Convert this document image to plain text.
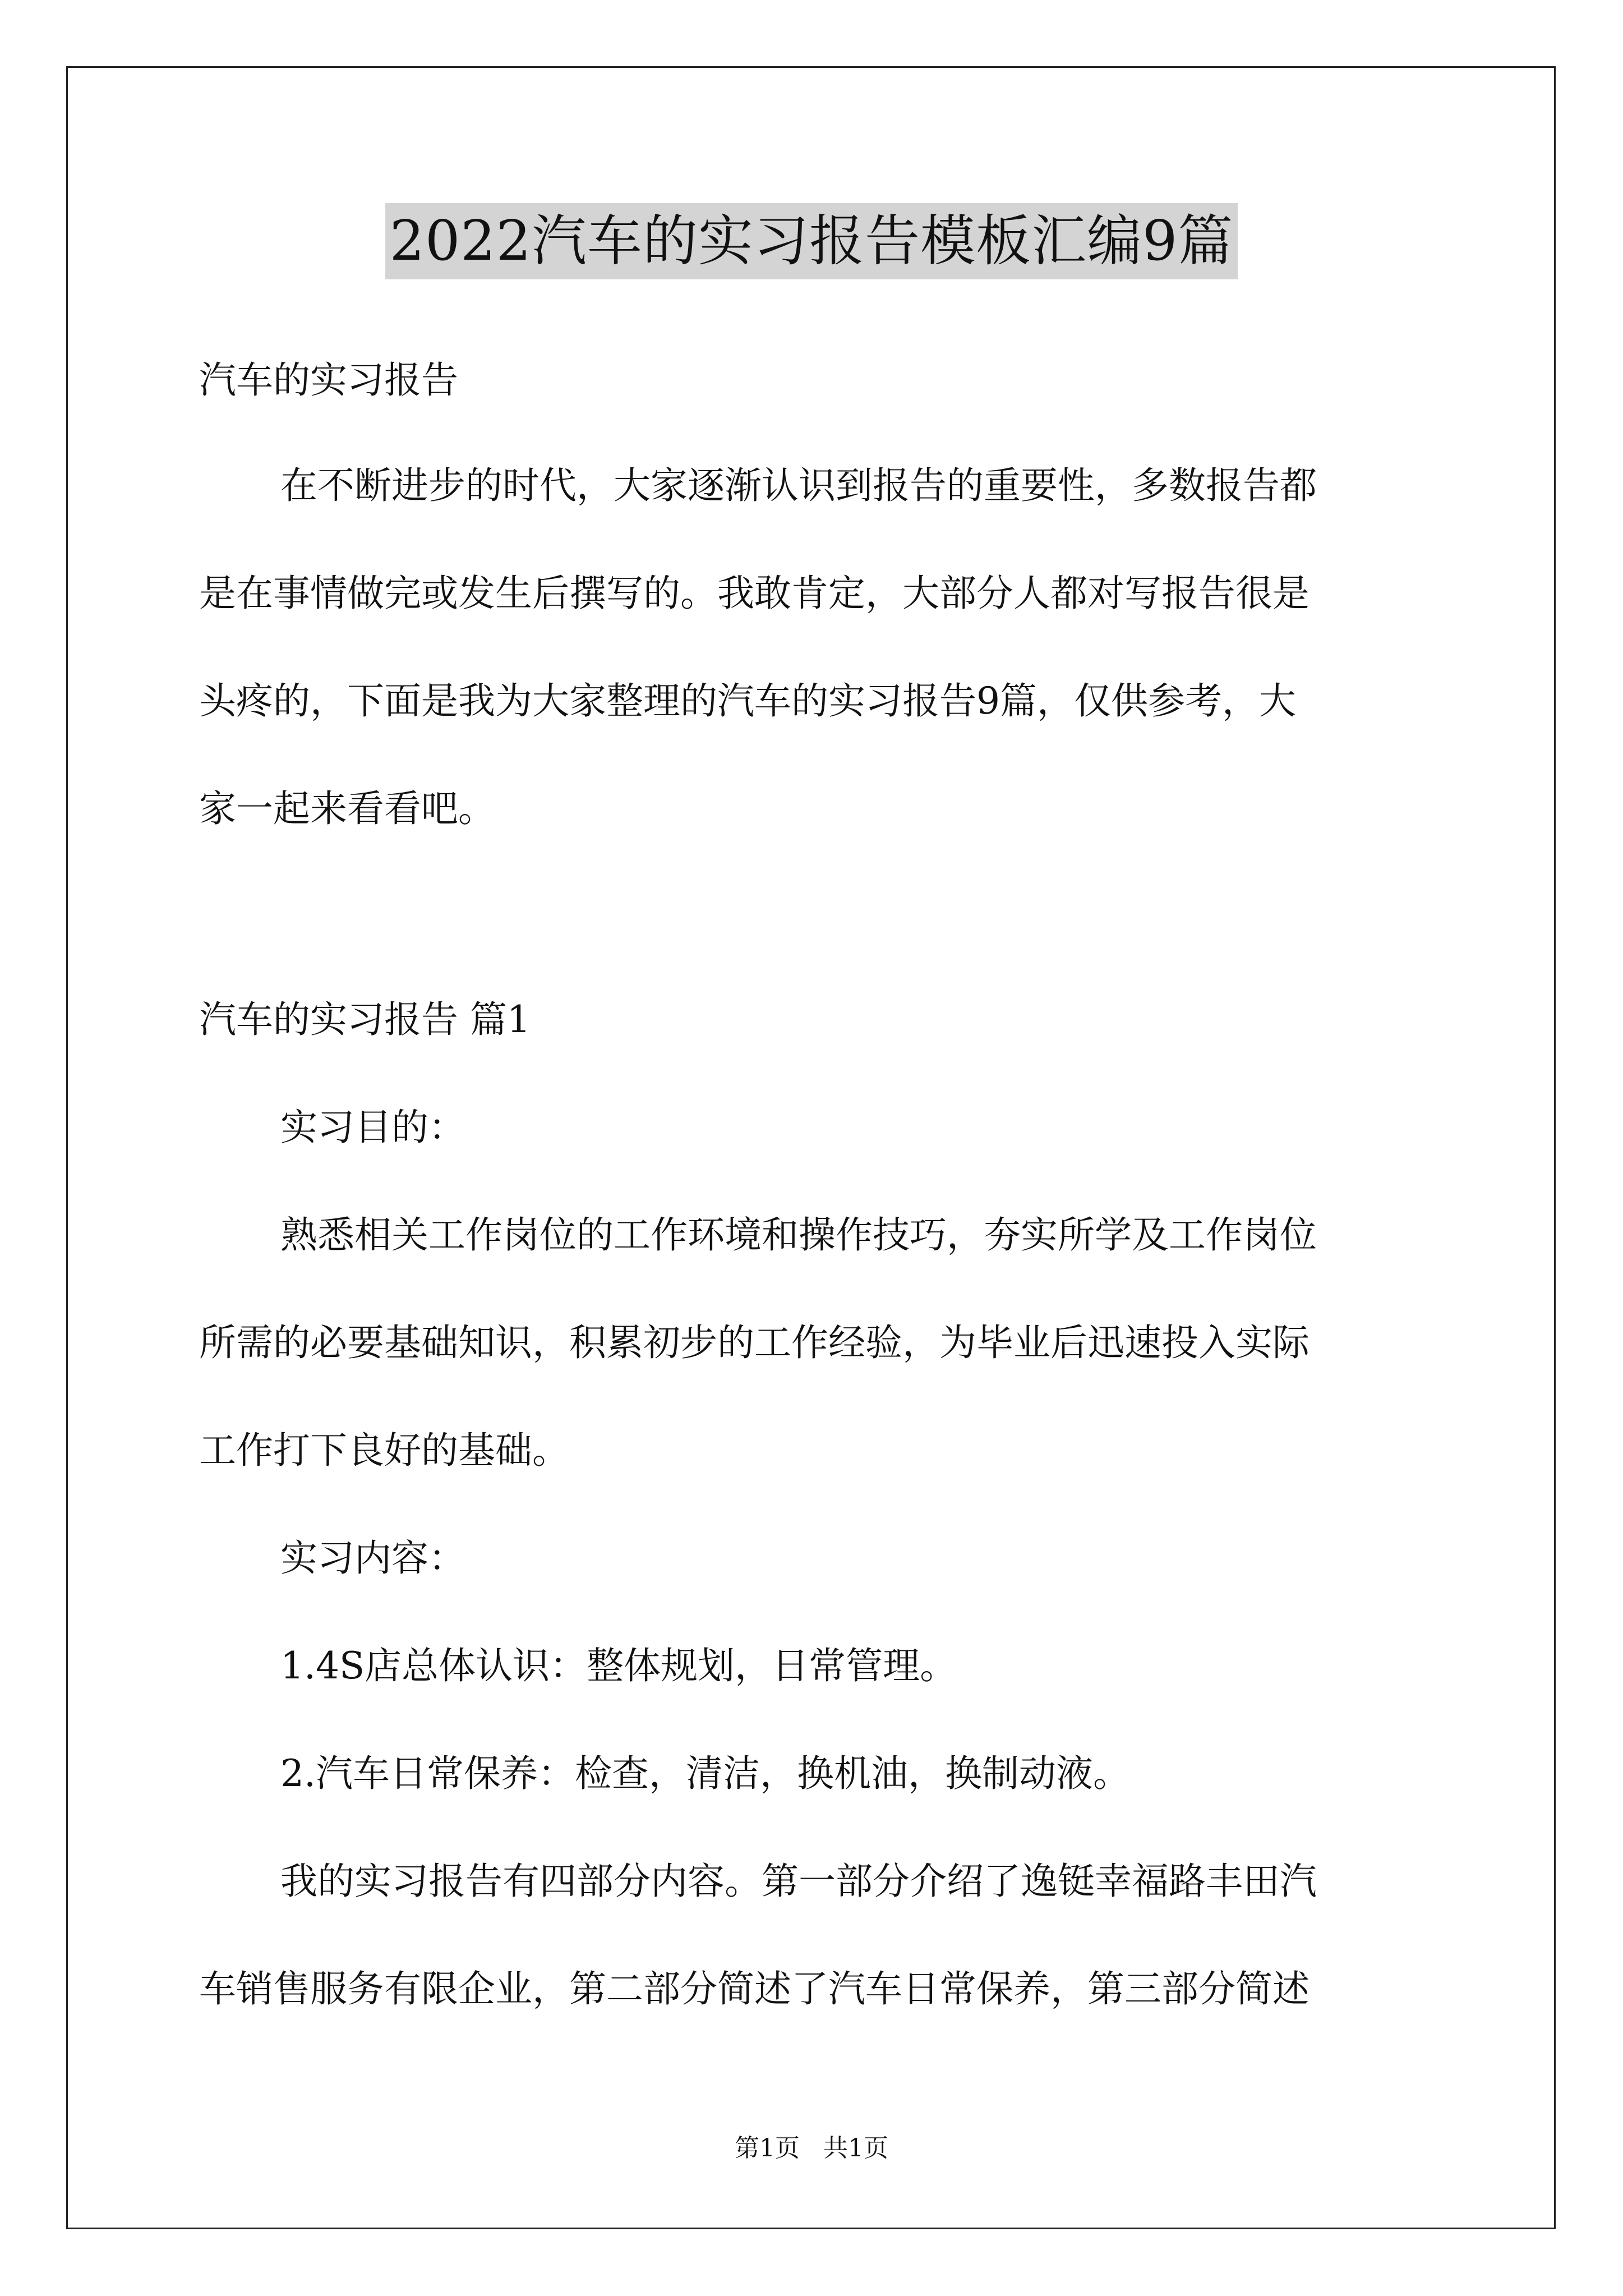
2022汽车的实习报告模板汇编9篇
汽车的实习报告
在不断进步的时代，大家逐渐认识到报告的重要性，多数报告都
是在事情做完或发生后撰写的。我敢肯定，大部分人都对写报告很是
头疼的，下面是我为大家整理的汽车的实习报告9篇，仅供参考，大
家一起来看看吧。
汽车的实习报告 篇1
实习目的：
熟悉相关工作岗位的工作环境和操作技巧，夯实所学及工作岗位
所需的必要基础知识，积累初步的工作经验，为毕业后迅速投入实际
工作打下良好的基础。
实习内容：
1.4S店总体认识：整体规划，日常管理。
2.汽车日常保养：检查，清洁，换机油，换制动液。
我的实习报告有四部分内容。第一部分介绍了逸铤幸福路丰田汽
车销售服务有限企业，第二部分简述了汽车日常保养，第三部分简述
第1页   共1页
